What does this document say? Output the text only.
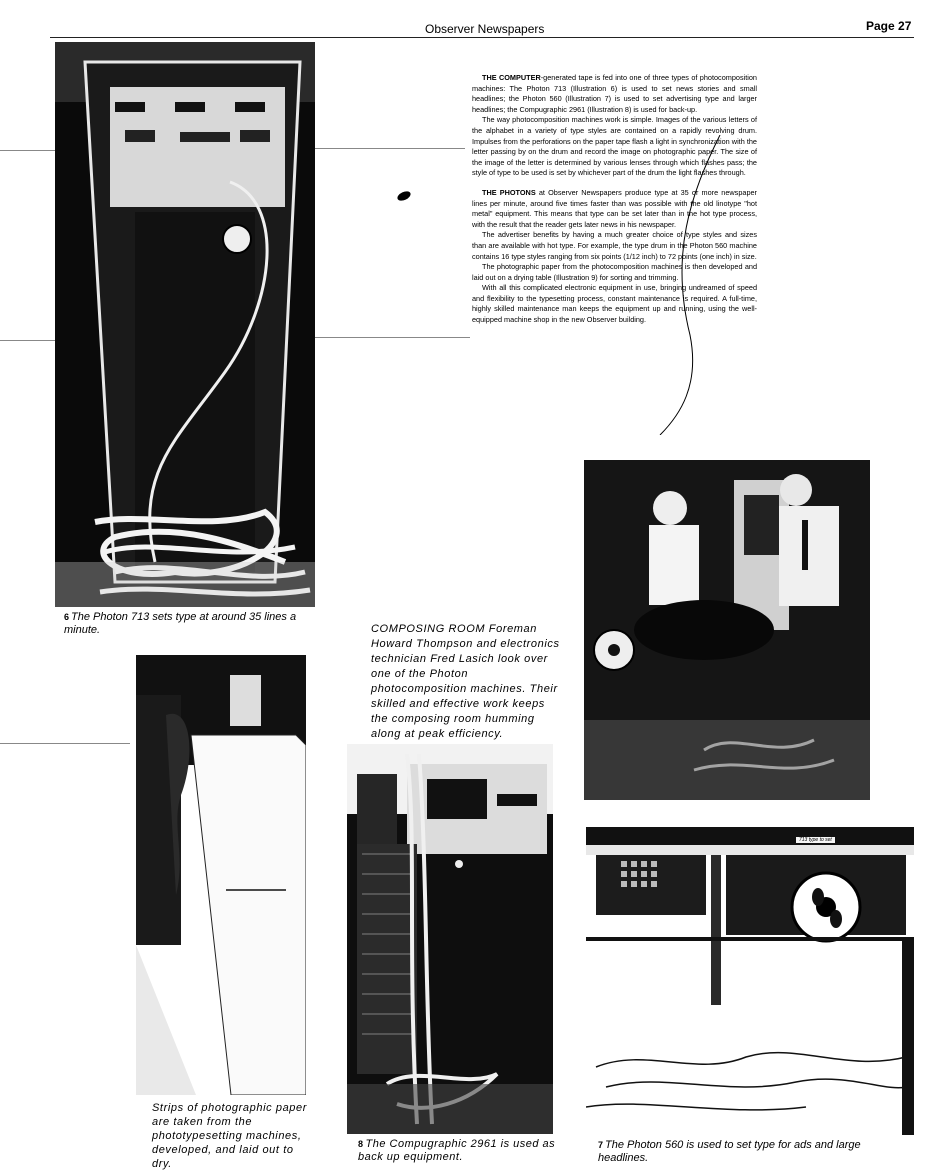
Observer Newspapers	Page 27
6 The Photon 713 sets type at around 35 lines a minute.

THE COMPUTER-generated tape is fed into one of three types of photocomposition machines: The Photon 713 (Illustration 6) is used to set news stories and small headlines; the Photon 560 (Illustration 7) is used to set advertising type and larger headlines; the Compugraphic 2961 (Illustration 8) is used for back-up.

The way photocomposition machines work is simple. Images of the various letters of the alphabet in a variety of type styles are contained on a rapidly revolving drum. Impulses from the perforations on the paper tape flash a light in synchronization with the letter passing by on the drum and record the image on photographic paper. The size of the image of the letter is determined by various lenses through which flashes pass; the style of type to be used is set by whichever part of the drum the light flashes through.

THE PHOTONS at Observer Newspapers produce type at 35 or more newspaper lines per minute, around five times faster than was possible with the old linotype "hot metal" equipment. This means that type can be set later than in the hot type process, with the result that the reader gets later news in his newspaper.

The advertiser benefits by having a much greater choice of type styles and sizes than are available with hot type. For example, the type drum in the Photon 560 machine contains 16 type styles ranging from six points (1/12 inch) to 72 points (one inch) in size.

The photographic paper from the photocomposition machines is then developed and laid out on a drying table (Illustration 9) for sorting and trimming.

With all this complicated electronic equipment in use, bringing undreamed of speed and flexibility to the typesetting process, constant maintenance is required. A full-time, highly skilled maintenance man keeps the equipment up and running, using the well-equipped machine shop in the new Observer building.

COMPOSING ROOM Foreman Howard Thompson and electronics technician Fred Lasich look over one of the Photon photocomposition machines. Their skilled and effective work keeps the composing room humming along at peak efficiency.
Strips of photographic paper are taken from the phototypesetting machines, developed, and laid out to dry.
8 The Compugraphic 2961 is used as back up equipment.
713 type to set
7 The Photon 560 is used to set type for ads and large headlines.
